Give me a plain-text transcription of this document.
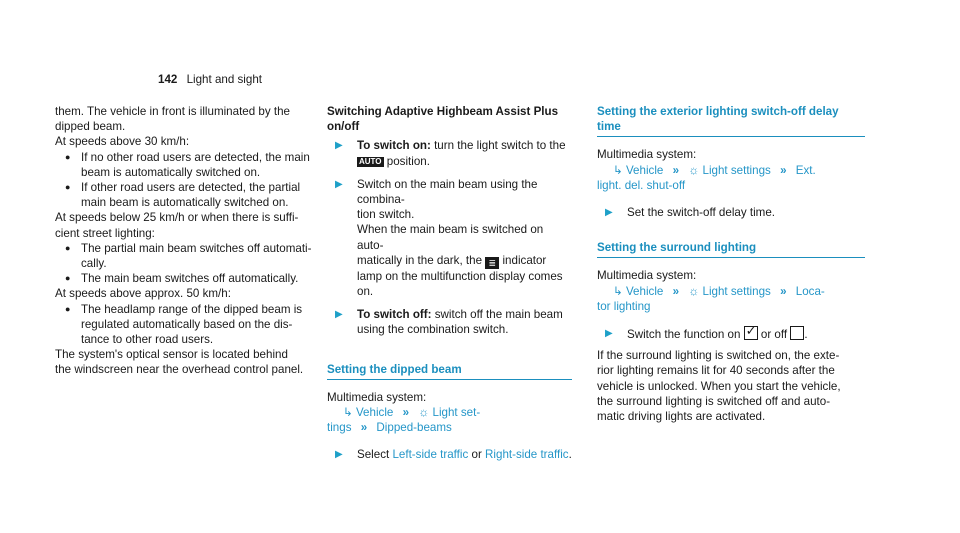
142 Light and sight

them. The vehicle in front is illuminated by the

dipped beam.

At speeds above 30 km/h:

● If no other road users are detected, the main

beam is automatically switched on.

● If other road users are detected, the partial

main beam is automatically switched on.

At speeds below 25 km/h or when there is suffi-

cient street lighting:

● The partial main beam switches off automati-

cally.

● The main beam switches off automatically.

At speeds above approx. 50 km/h:

● The headlamp range of the dipped beam is

regulated automatically based on the dis-

tance to other road users.

The system's optical sensor is located behind

the windscreen near the overhead control panel.

Switching Adaptive Highbeam Assist Plus

on/off

▶	To switch on: turn the light switch to the

AUTO position.

▶	Switch on the main beam using the combina-

tion switch.

When the main beam is switched on auto-

matically in the dark, the ≣ indicator

lamp on the multifunction display comes on.

▶	To switch off: switch off the main beam

using the combination switch.

Setting the dipped beam

Multimedia system:

↳ Vehicle » ☼ Light set-

tings » Dipped-beams

▶	Select Left-side traffic or Right-side traffic.

Setting the exterior lighting switch-off delay
time

Multimedia system:

↳ Vehicle » ☼ Light settings » Ext.

light. del. shut-off

▶	Set the switch-off delay time.

Setting the surround lighting

Multimedia system:

↳ Vehicle » ☼ Light settings » Loca-

tor lighting

▶	Switch the function on ✓ or off .

If the surround lighting is switched on, the exte-

rior lighting remains lit for 40 seconds after the

vehicle is unlocked. When you start the vehicle,

the surround lighting is switched off and auto-

matic driving lights are activated.
